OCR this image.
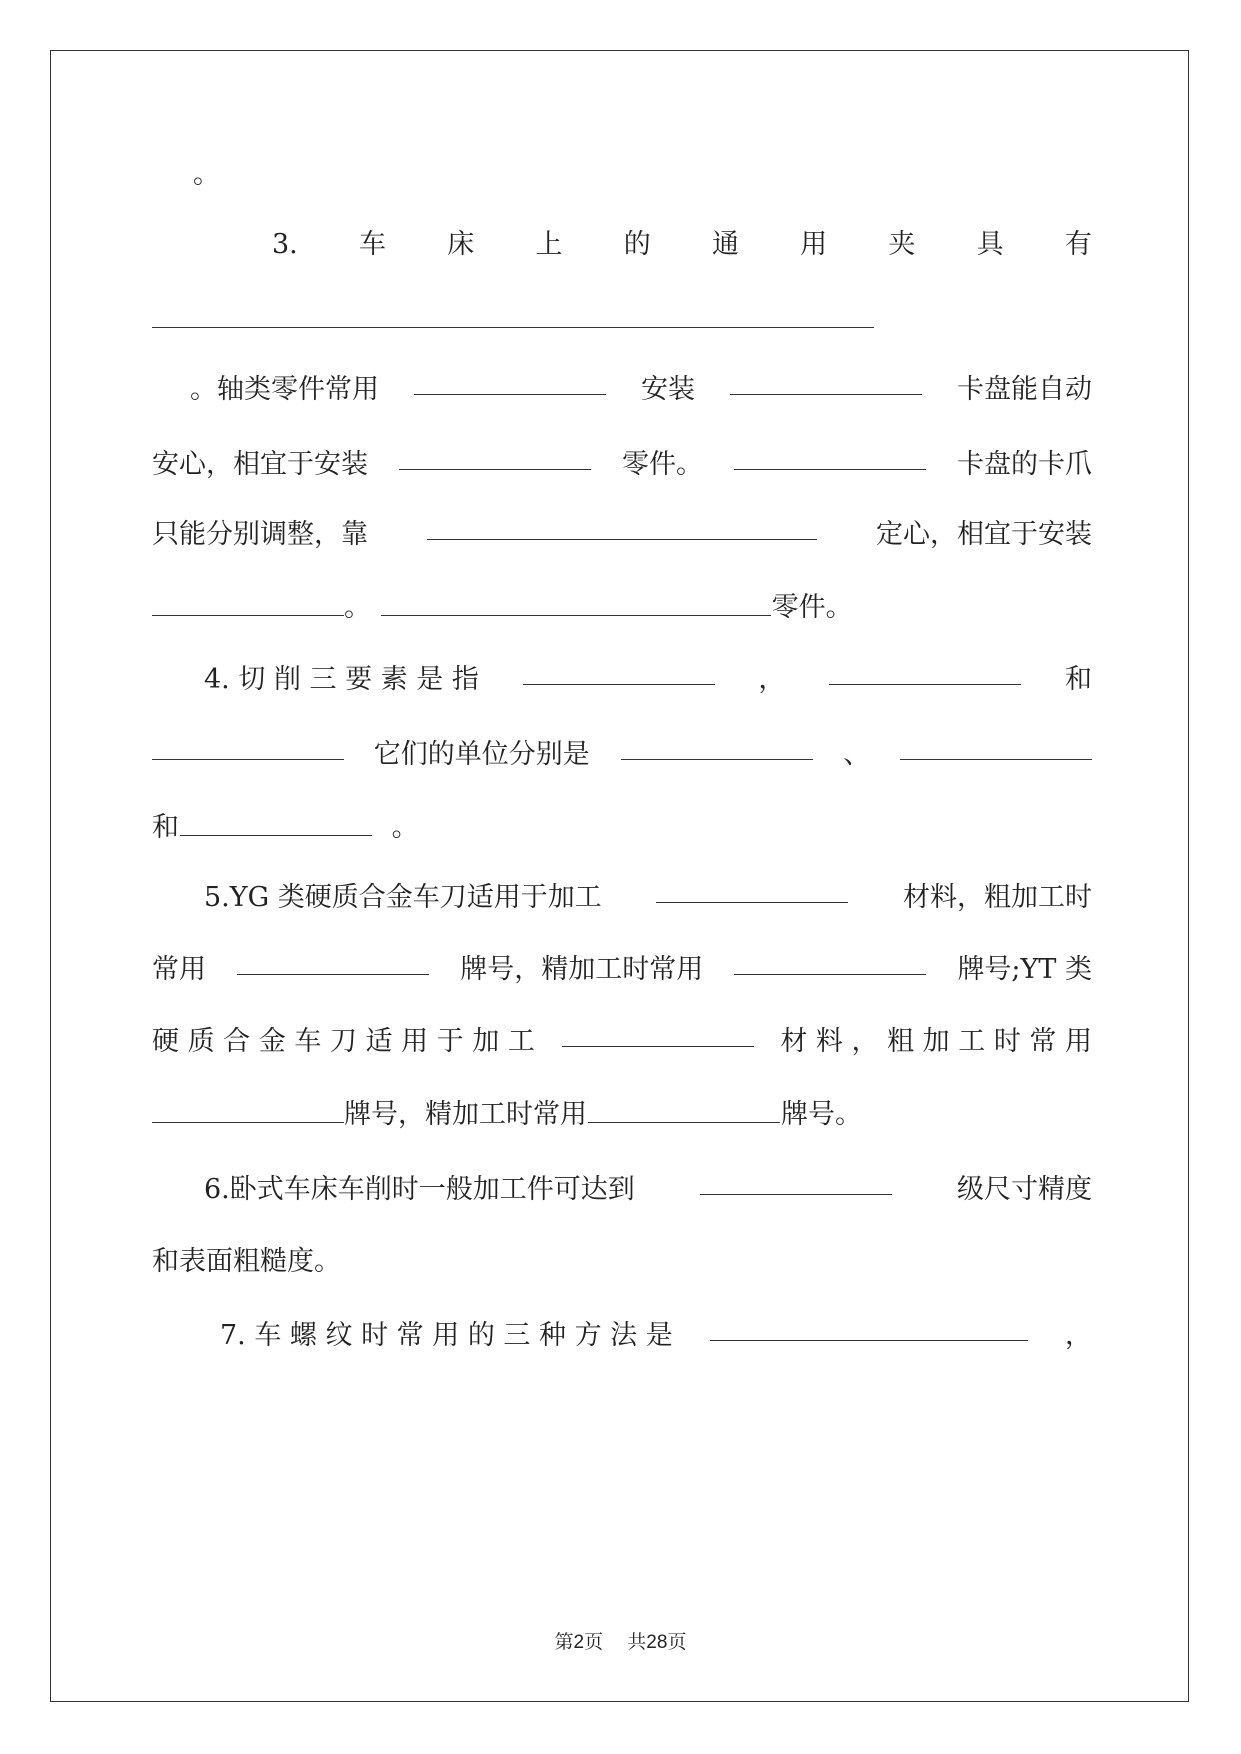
。
3. 车 床 上 的 通 用 夹 具 有
。轴类零件常用	安装	卡盘能自动
安心，相宜于安装	零件。	卡盘的卡爪
只能分别调整，靠	定心，相宜于安装
。	零件。
4. 切 削 三 要 素 是 指	，	和
它们的单位分别是	、
和	。
5.YG 类硬质合金车刀适用于加工	材料，粗加工时
常用	牌号，精加工时常用	牌号;YT 类
硬 质 合 金 车 刀 适 用 于 加 工	材 料 ， 粗 加 工 时 常 用
牌号，精加工时常用	牌号。
6.卧式车床车削时一般加工件可达到	级尺寸精度
和表面粗糙度。
7. 车 螺 纹 时 常 用 的 三 种 方 法 是	，
第2页    共28页
